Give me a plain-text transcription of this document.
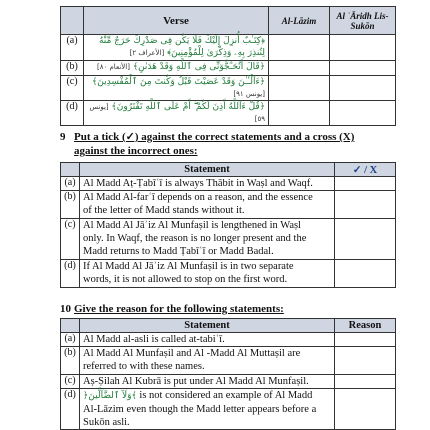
	Verse	Al-Lāzim	Al ʿĀridh Lis-Sukōn
(a)	﴿كِتَـٰبٌ أُنزِلَ إِلَيْكَ فَلَا يَكُن فِى صَدْرِكَ حَرَجٌ مِّنْهُ لِتُنذِرَ بِهِۦ وَذِكْرَىٰ لِلْمُؤْمِنِينَ﴾ [الأعراف ٢]		
(b)	﴿قَالَ أَتُحَـٰٓجُّوٓنِّى فِى ٱللَّهِ وَقَدْ هَدَىٰنِ﴾ [الأنعام ٨٠]		
(c)	﴿ءَآلْـَٔـٰنَ وَقَدْ عَصَيْتَ قَبْلُ وَكُنتَ مِنَ ٱلْمُفْسِدِينَ﴾ [يونس ٩١]		
(d)	﴿قُلْ ءَآللَّهُ أَذِنَ لَكُمْ ۖ أَمْ عَلَى ٱللَّهِ تَفْتَرُونَ﴾ [يونس ٥٩]		
9 Put a tick (✓) against the correct statements and a cross (X)
against the incorrect ones:
	Statement	✓ / X
(a)	Al Madd Aṭ-Ṭabīʿī is always Thābit in Waṣl and Waqf.	
(b)	Al Madd Al-farʿī depends on a reason, and the essence
of the letter of Madd stands without it.	
(c)	Al Madd Al Jāʾiz Al Munfaṣil is lengthened in Waṣl
only. In Waqf, the reason is no longer present and the
Madd returns to Madd Ṭabīʿī or Madd Badal.	
(d)	If Al Madd Al Jāʾiz Al Munfaṣil is in two separate
words, it is not allowed to stop on the first word.	
10 Give the reason for the following statements:
	Statement	Reason
(a)	Al Madd al-asli is called at-tabiʿī.	
(b)	Al Madd Al Munfaṣil and Al -Madd Al Muttaṣil are
referred to with these names.	
(c)	Aṣ-Ṣilah Al Kubrā is put under Al Madd Al Munfaṣil.	
(d)	﴿وَلَآ ٱلضَّآلِّينَ﴾ is not considered an example of Al Madd
Al-Lāzim even though the Madd letter appears before a
Sukōn asli.	
